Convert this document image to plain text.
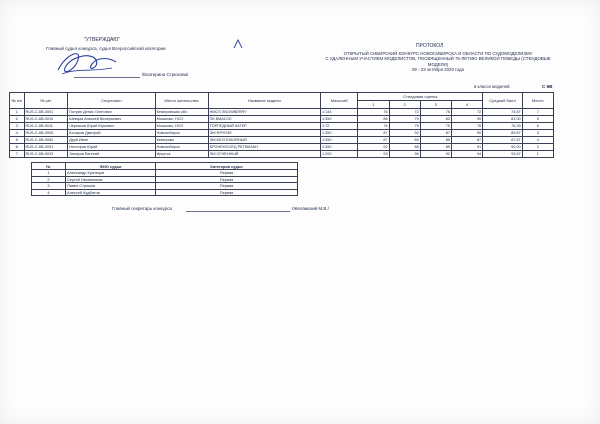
"УТВЕРЖДАЮ"
Главный судья конкурса, судья Всероссийской категории
/Екатерина Стрюкова/
ПРОТОКОЛ
ОТКРЫТЫЙ СИБИРСКИЙ КОНКУРС НОВОСИБИРСКА И ОБЛАСТИ ПО СУДОМОДЕЛИЗМУ
С УДАЛЕННЫМ УЧАСТИЕМ МОДЕЛИСТОВ, ПОСВЯЩЕННЫЙ 75-ЛЕТИЮ ВЕЛИКОЙ ПОБЕДЫ (СТЕНДОВЫЕ
МОДЕЛИ)
09 - 23 октября 2020 года
в классе моделей	С 6B
№ п/п	№ рег	Спортсмен	Место жительства	Название модели	Масштаб	Стендовая оценка				Средний балл	Место
						1	2	3	4		
1	RUS-С-6B-0001	Потрин Денис Олегович	Кемеровская обл.	HMCS SNOWBERRY	1:144	76	72	76	72	74,67	7
2	RUS-С-6B-0010	Шевцов Алексей Валерьевич	Мошково, НСО	ПК ВМАССЕ	1:350	86	79	83	90	83,00	5
3	RUS-С-6B-0011	Черкасов Юрий Юрьевич	Мошково, НСО	ТОРПЕДНЫЙ КАТЕР	1:72	76	75	75	76	76,33	6
4	RUS-С-6B-0005	Бочаров Дмитрий	Новосибирск	ЭМ ФРУНЗЕ	1:350	87	92	87	90	89,67	3
5	RUS-С-6B-0052	Друй Иван	Кемерово	ЭМ БЕСПОКОЙНЫЙ	1:350	87	89	86	87	87,67	4
6	RUS-С-6B-0031	Нестеров Юрий	Новосибирск	БРОНЕНОСЕЦ РЕТВИЗАН	1:350	92	88	89	91	90,00	2
7	RUS-С-6B-0033	Захаров Евгений	Иркутск	ЭМ ОГНЕННЫЙ	1:200	93	96	92	94	93,67	1
№	ФИО судьи	Категория судьи
1	Александр Кузнецов	Первая
2	Сергей Овсянников	Первая
3	Павел Стрюков	Первая
4	Алексей Кудбатов	Первая
Главный секретарь конкурса	/Желамский М.В./
